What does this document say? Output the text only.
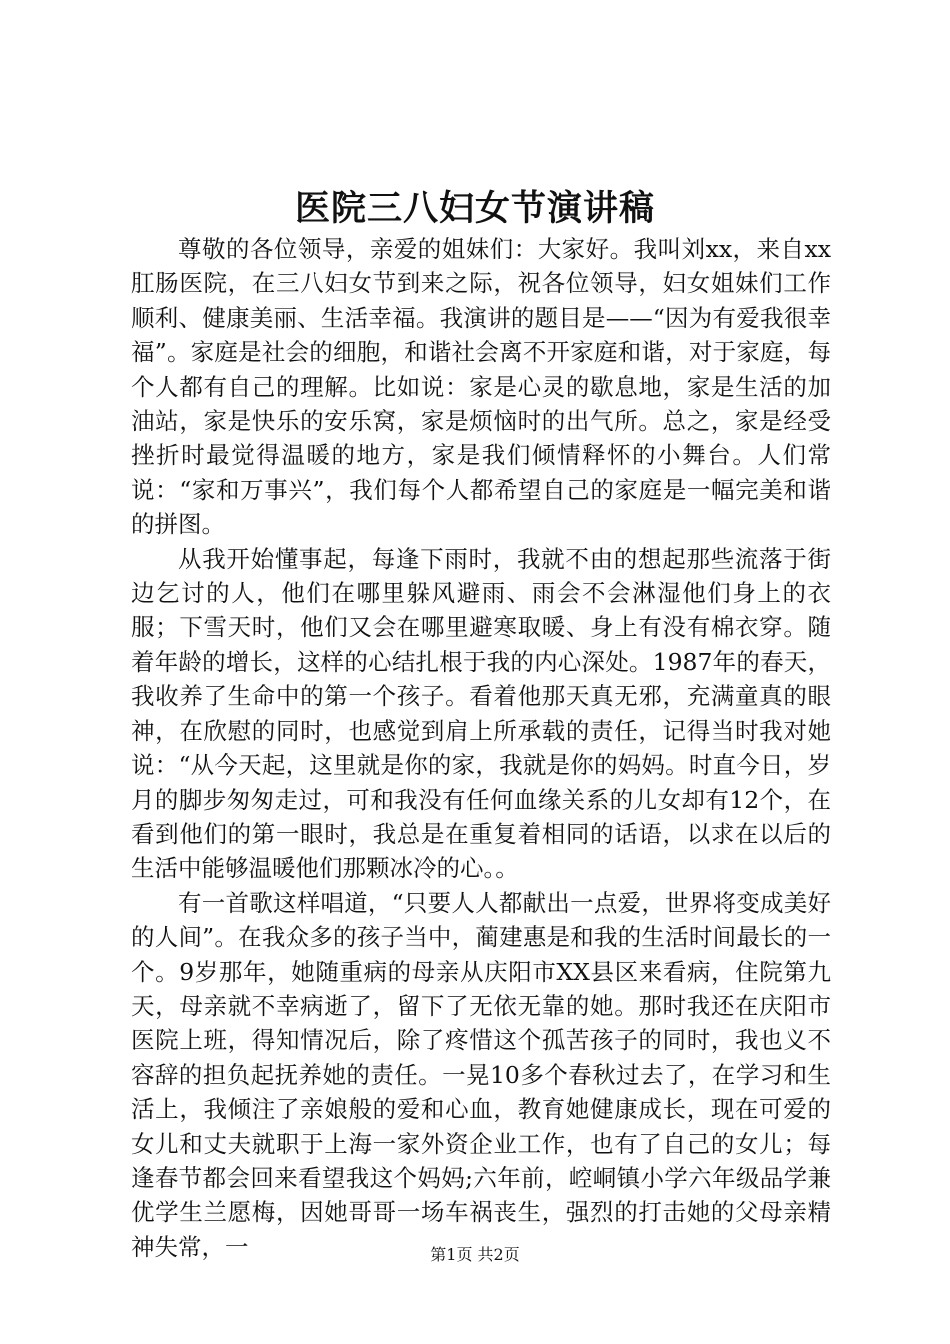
医院三八妇女节演讲稿

尊敬的各位领导，亲爱的姐妹们：大家好。我叫刘xx，来自xx肛肠医院，在三八妇女节到来之际，祝各位领导，妇女姐妹们工作顺利、健康美丽、生活幸福。我演讲的题目是——“因为有爱我很幸福”。家庭是社会的细胞，和谐社会离不开家庭和谐，对于家庭，每个人都有自己的理解。比如说：家是心灵的歇息地，家是生活的加油站，家是快乐的安乐窝，家是烦恼时的出气所。总之，家是经受挫折时最觉得温暖的地方，家是我们倾情释怀的小舞台。人们常说：“家和万事兴”，我们每个人都希望自己的家庭是一幅完美和谐的拼图。

从我开始懂事起，每逢下雨时，我就不由的想起那些流落于街边乞讨的人，他们在哪里躲风避雨、雨会不会淋湿他们身上的衣服；下雪天时，他们又会在哪里避寒取暖、身上有没有棉衣穿。随着年龄的增长，这样的心结扎根于我的内心深处。1987年的春天，我收养了生命中的第一个孩子。看着他那天真无邪，充满童真的眼神，在欣慰的同时，也感觉到肩上所承载的责任，记得当时我对她说：“从今天起，这里就是你的家，我就是你的妈妈。时直今日，岁月的脚步匆匆走过，可和我没有任何血缘关系的儿女却有12个，在看到他们的第一眼时，我总是在重复着相同的话语，以求在以后的生活中能够温暖他们那颗冰冷的心。。

有一首歌这样唱道，“只要人人都献出一点爱，世界将变成美好的人间”。在我众多的孩子当中，蔺建惠是和我的生活时间最长的一个。9岁那年，她随重病的母亲从庆阳市XX县区来看病，住院第九天，母亲就不幸病逝了，留下了无依无靠的她。那时我还在庆阳市医院上班，得知情况后，除了疼惜这个孤苦孩子的同时，我也义不容辞的担负起抚养她的责任。一晃10多个春秋过去了，在学习和生活上，我倾注了亲娘般的爱和心血，教育她健康成长，现在可爱的女儿和丈夫就职于上海一家外资企业工作，也有了自己的女儿；每逢春节都会回来看望我这个妈妈;六年前，崆峒镇小学六年级品学兼优学生兰愿梅，因她哥哥一场车祸丧生，强烈的打击她的父母亲精神失常，一	第1页 共2页
